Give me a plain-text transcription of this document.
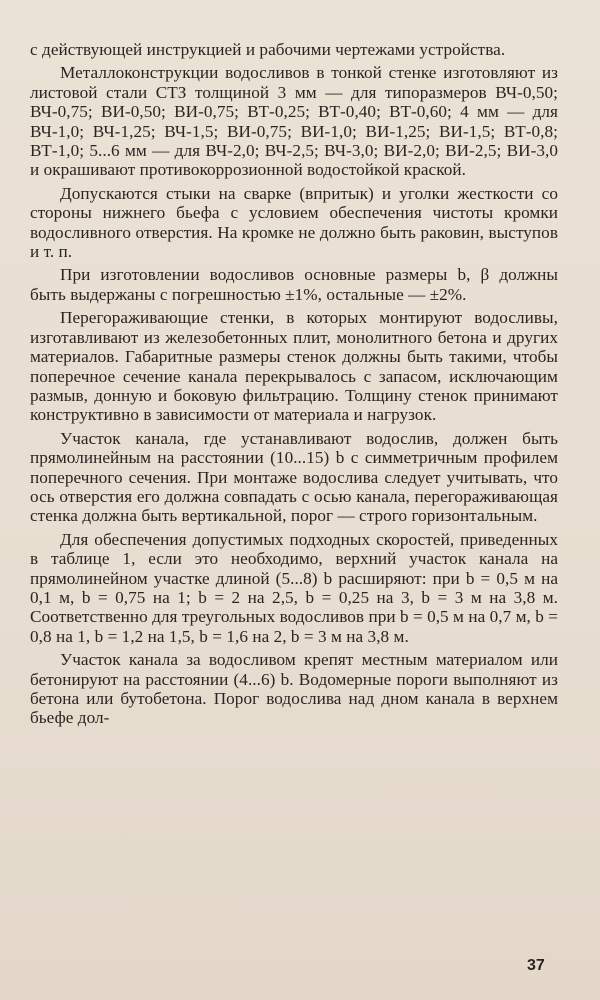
с действующей инструкцией и рабочими чертежами устройства.

Металлоконструкции водосливов в тонкой стенке изготовляют из листовой стали СТЗ толщиной 3 мм — для типоразмеров ВЧ-0,50; ВЧ-0,75; ВИ-0,50; ВИ-0,75; ВТ-0,25; ВТ-0,40; ВТ-0,60; 4 мм — для ВЧ-1,0; ВЧ-1,25; ВЧ-1,5; ВИ-0,75; ВИ-1,0; ВИ-1,25; ВИ-1,5; ВТ-0,8; ВТ-1,0; 5...6 мм — для ВЧ-2,0; ВЧ-2,5; ВЧ-3,0; ВИ-2,0; ВИ-2,5; ВИ-3,0 и окрашивают противокоррозионной водостойкой краской.

Допускаются стыки на сварке (впритык) и уголки жесткости со стороны нижнего бьефа с условием обеспечения чистоты кромки водосливного отверстия. На кромке не должно быть раковин, выступов и т. п.

При изготовлении водосливов основные размеры b, β должны быть выдержаны с погрешностью ±1%, остальные — ±2%.

Перегораживающие стенки, в которых монтируют водосливы, изготавливают из железобетонных плит, монолитного бетона и других материалов. Габаритные размеры стенок должны быть такими, чтобы поперечное сечение канала перекрывалось с запасом, исключающим размыв, донную и боковую фильтрацию. Толщину стенок принимают конструктивно в зависимости от материала и нагрузок.

Участок канала, где устанавливают водослив, должен быть прямолинейным на расстоянии (10...15) b с симметричным профилем поперечного сечения. При монтаже водослива следует учитывать, что ось отверстия его должна совпадать с осью канала, перегораживающая стенка должна быть вертикальной, порог — строго горизонтальным.

Для обеспечения допустимых подходных скоростей, приведенных в таблице 1, если это необходимо, верхний участок канала на прямолинейном участке длиной (5...8) b расширяют: при b = 0,5 м на 0,1 м, b = 0,75 на 1; b = 2 на 2,5, b = 0,25 на 3, b = 3 м на 3,8 м. Соответственно для треугольных водосливов при b = 0,5 м на 0,7 м, b = 0,8 на 1, b = 1,2 на 1,5, b = 1,6 на 2, b = 3 м на 3,8 м.

Участок канала за водосливом крепят местным материалом или бетонируют на расстоянии (4...6) b. Водомерные пороги выполняют из бетона или бутобетона. Порог водослива над дном канала в верхнем бьефе дол-

37
